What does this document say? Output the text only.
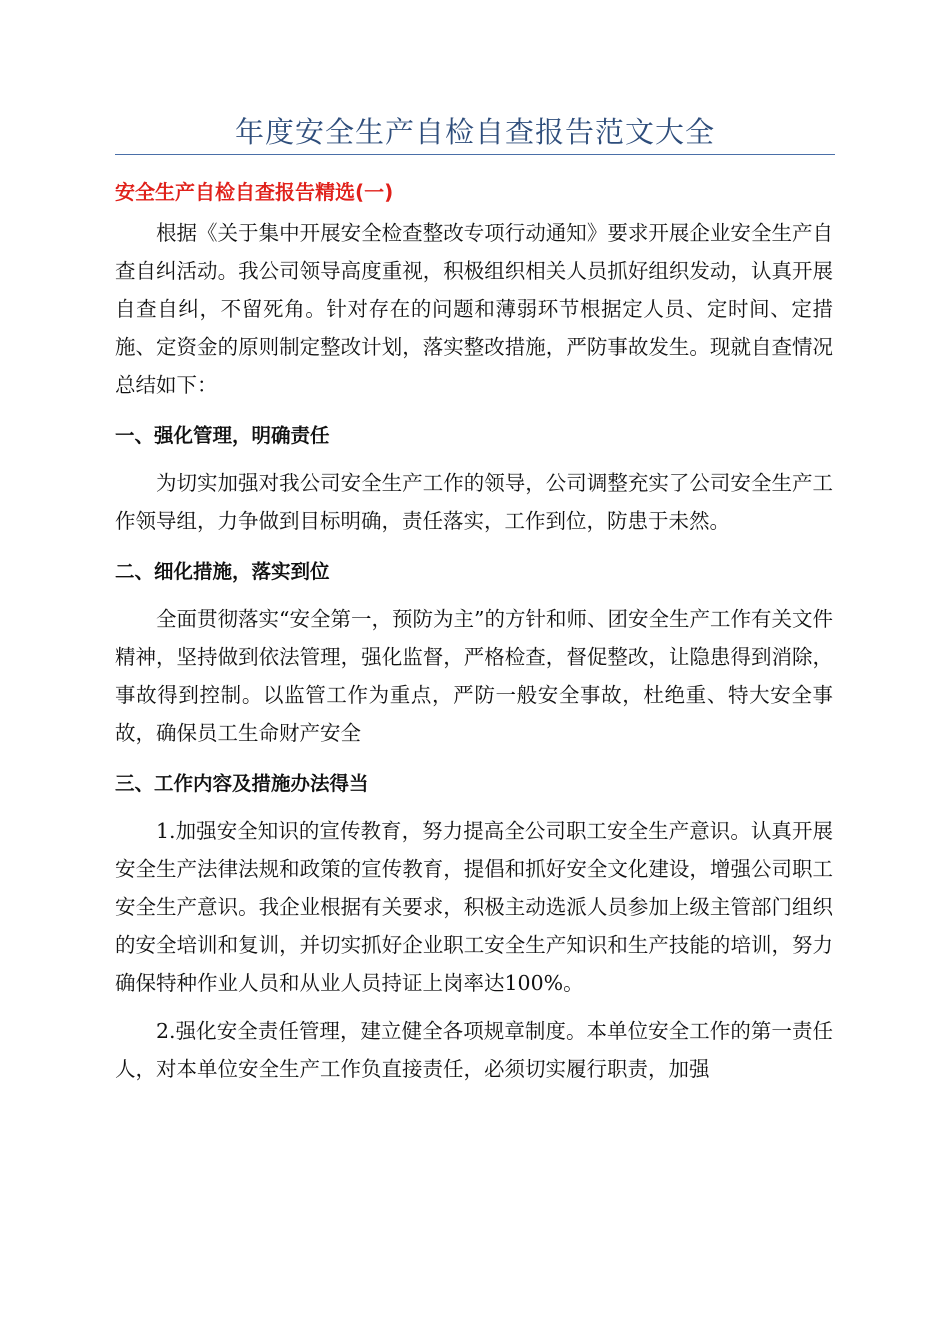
年度安全生产自检自查报告范文大全
安全生产自检自查报告精选(一)

根据《关于集中开展安全检查整改专项行动通知》要求开展企业安全生产自查自纠活动。我公司领导高度重视，积极组织相关人员抓好组织发动，认真开展自查自纠，不留死角。针对存在的问题和薄弱环节根据定人员、定时间、定措施、定资金的原则制定整改计划，落实整改措施，严防事故发生。现就自查情况总结如下：

一、强化管理，明确责任

为切实加强对我公司安全生产工作的领导，公司调整充实了公司安全生产工作领导组，力争做到目标明确，责任落实，工作到位，防患于未然。

二、细化措施，落实到位

全面贯彻落实“安全第一，预防为主”的方针和师、团安全生产工作有关文件精神，坚持做到依法管理，强化监督，严格检查，督促整改，让隐患得到消除，事故得到控制。以监管工作为重点，严防一般安全事故，杜绝重、特大安全事故，确保员工生命财产安全

三、工作内容及措施办法得当

1.加强安全知识的宣传教育，努力提高全公司职工安全生产意识。认真开展安全生产法律法规和政策的宣传教育，提倡和抓好安全文化建设，增强公司职工安全生产意识。我企业根据有关要求，积极主动选派人员参加上级主管部门组织的安全培训和复训，并切实抓好企业职工安全生产知识和生产技能的培训，努力确保特种作业人员和从业人员持证上岗率达100%。

2.强化安全责任管理，建立健全各项规章制度。本单位安全工作的第一责任人，对本单位安全生产工作负直接责任，必须切实履行职责，加强
